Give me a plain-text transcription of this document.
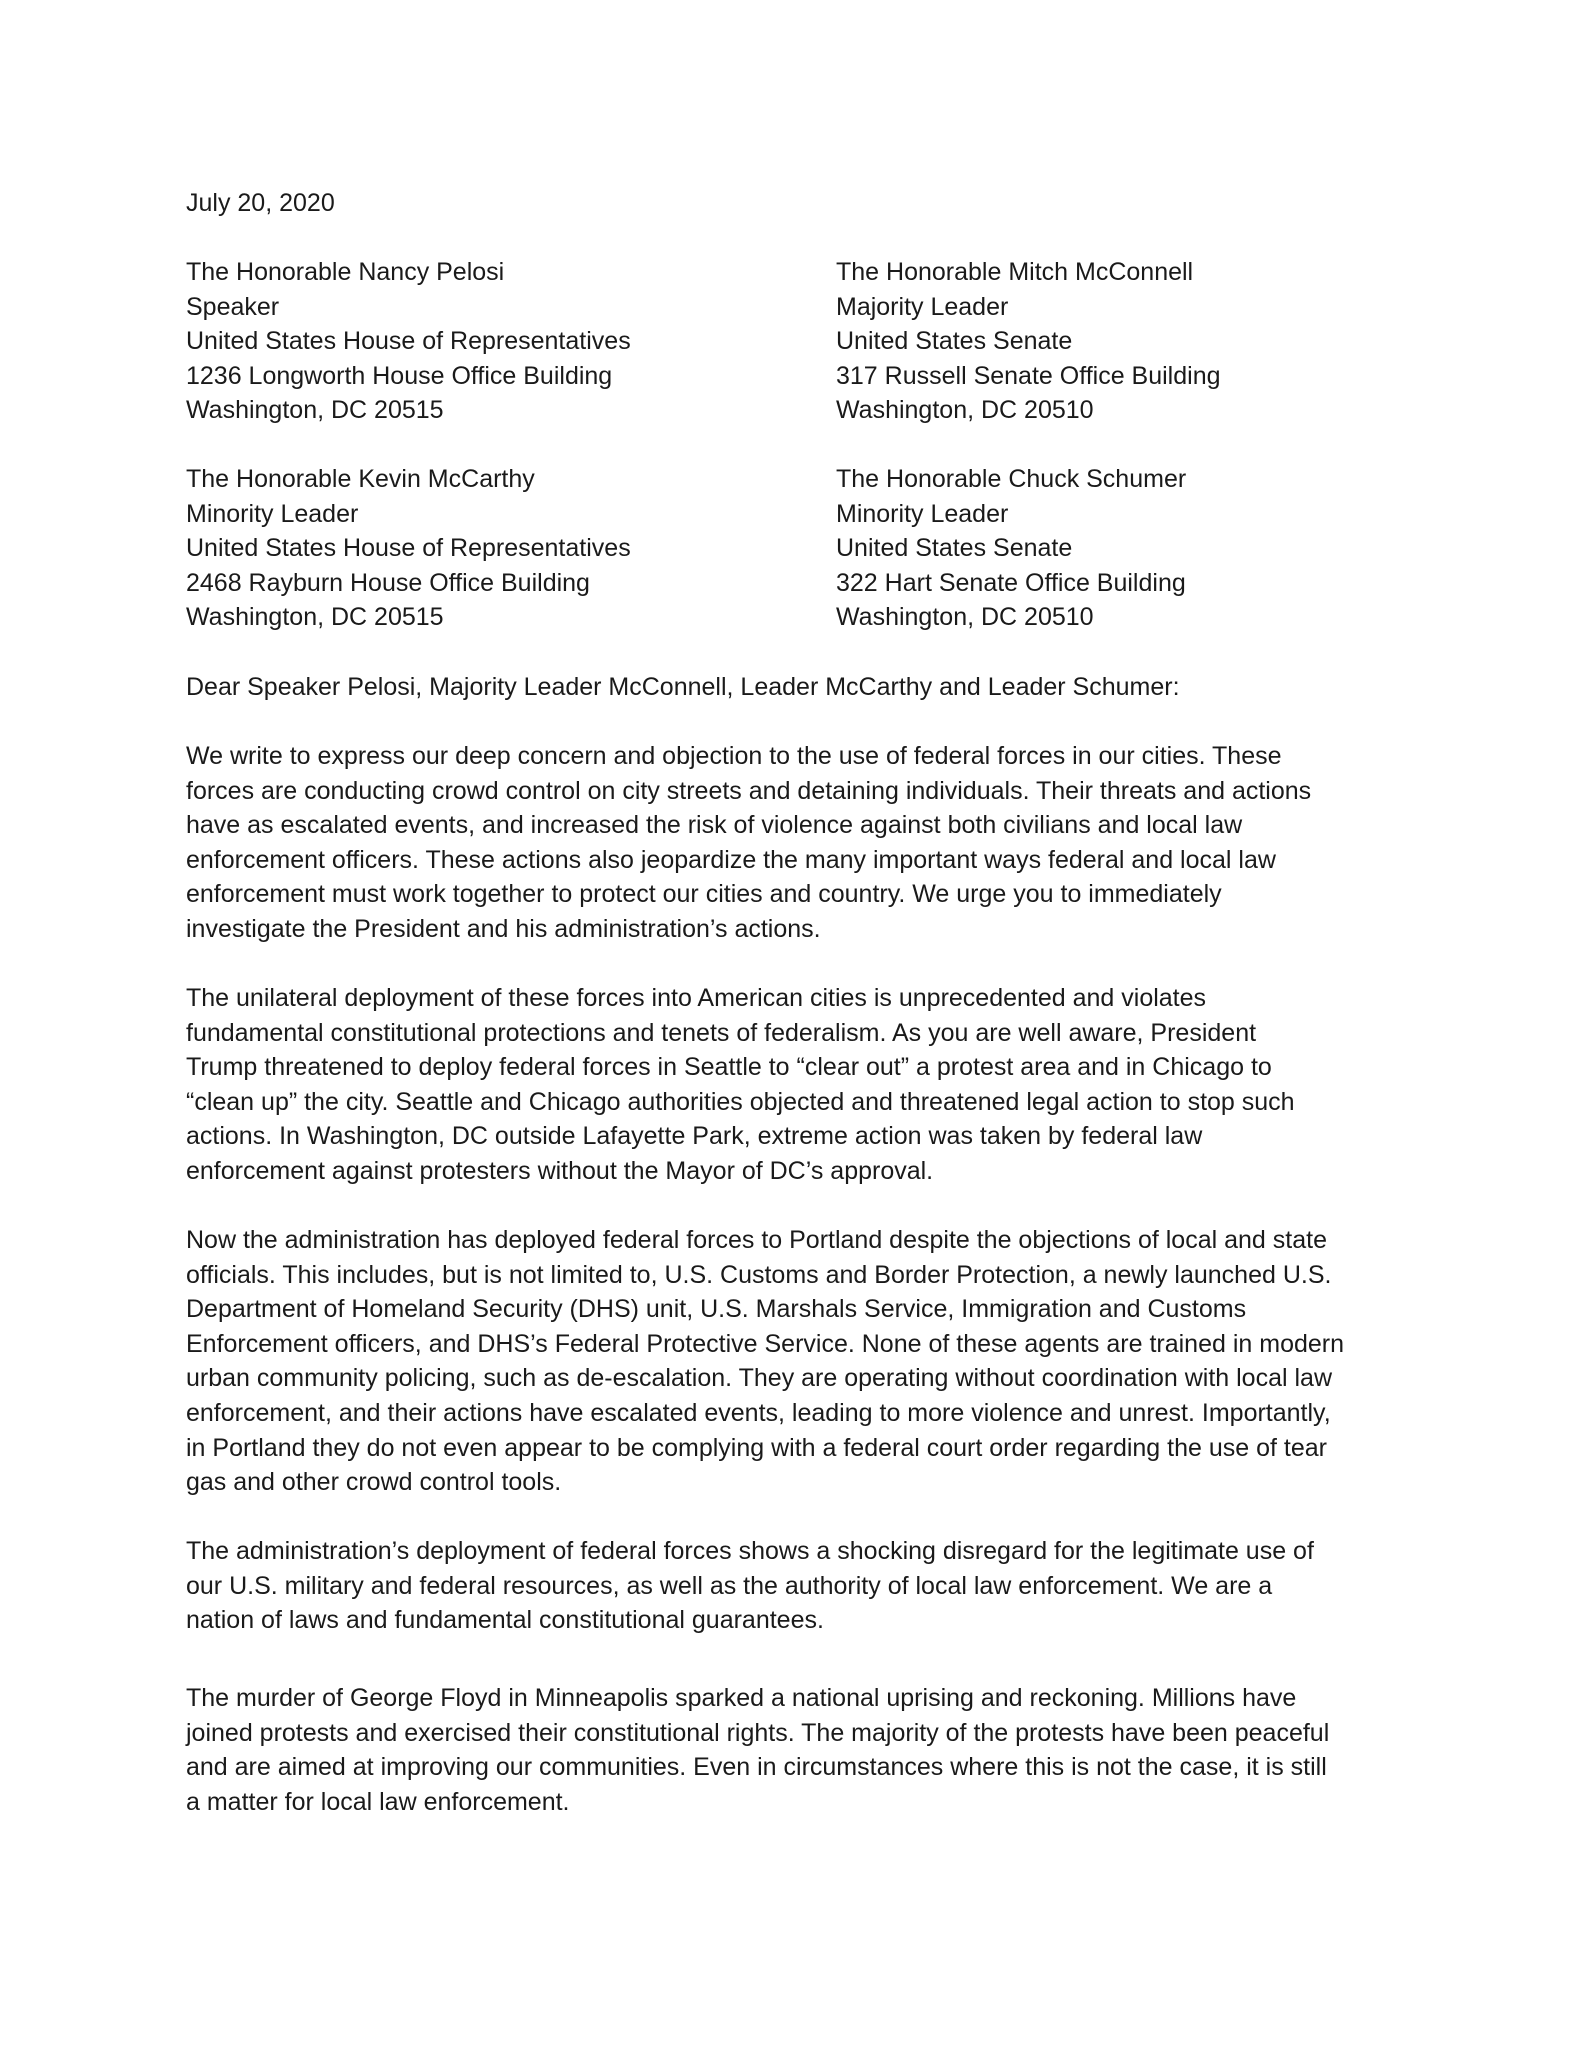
July 20, 2020
The Honorable Nancy Pelosi
Speaker
United States House of Representatives
1236 Longworth House Office Building
Washington, DC 20515
The Honorable Mitch McConnell
Majority Leader
United States Senate
317 Russell Senate Office Building
Washington, DC 20510
The Honorable Kevin McCarthy
Minority Leader
United States House of Representatives
2468 Rayburn House Office Building
Washington, DC 20515
The Honorable Chuck Schumer
Minority Leader
United States Senate
322 Hart Senate Office Building
Washington, DC 20510
Dear Speaker Pelosi, Majority Leader McConnell, Leader McCarthy and Leader Schumer:
We write to express our deep concern and objection to the use of federal forces in our cities. These
forces are conducting crowd control on city streets and detaining individuals. Their threats and actions
have as escalated events, and increased the risk of violence against both civilians and local law
enforcement officers. These actions also jeopardize the many important ways federal and local law
enforcement must work together to protect our cities and country. We urge you to immediately
investigate the President and his administration’s actions.
The unilateral deployment of these forces into American cities is unprecedented and violates
fundamental constitutional protections and tenets of federalism. As you are well aware, President
Trump threatened to deploy federal forces in Seattle to “clear out” a protest area and in Chicago to
“clean up” the city. Seattle and Chicago authorities objected and threatened legal action to stop such
actions. In Washington, DC outside Lafayette Park, extreme action was taken by federal law
enforcement against protesters without the Mayor of DC’s approval.
Now the administration has deployed federal forces to Portland despite the objections of local and state
officials. This includes, but is not limited to, U.S. Customs and Border Protection, a newly launched U.S.
Department of Homeland Security (DHS) unit, U.S. Marshals Service, Immigration and Customs
Enforcement officers, and DHS’s Federal Protective Service. None of these agents are trained in modern
urban community policing, such as de-escalation. They are operating without coordination with local law
enforcement, and their actions have escalated events, leading to more violence and unrest. Importantly,
in Portland they do not even appear to be complying with a federal court order regarding the use of tear
gas and other crowd control tools.
The administration’s deployment of federal forces shows a shocking disregard for the legitimate use of
our U.S. military and federal resources, as well as the authority of local law enforcement. We are a
nation of laws and fundamental constitutional guarantees.
The murder of George Floyd in Minneapolis sparked a national uprising and reckoning. Millions have
joined protests and exercised their constitutional rights. The majority of the protests have been peaceful
and are aimed at improving our communities. Even in circumstances where this is not the case, it is still
a matter for local law enforcement.
